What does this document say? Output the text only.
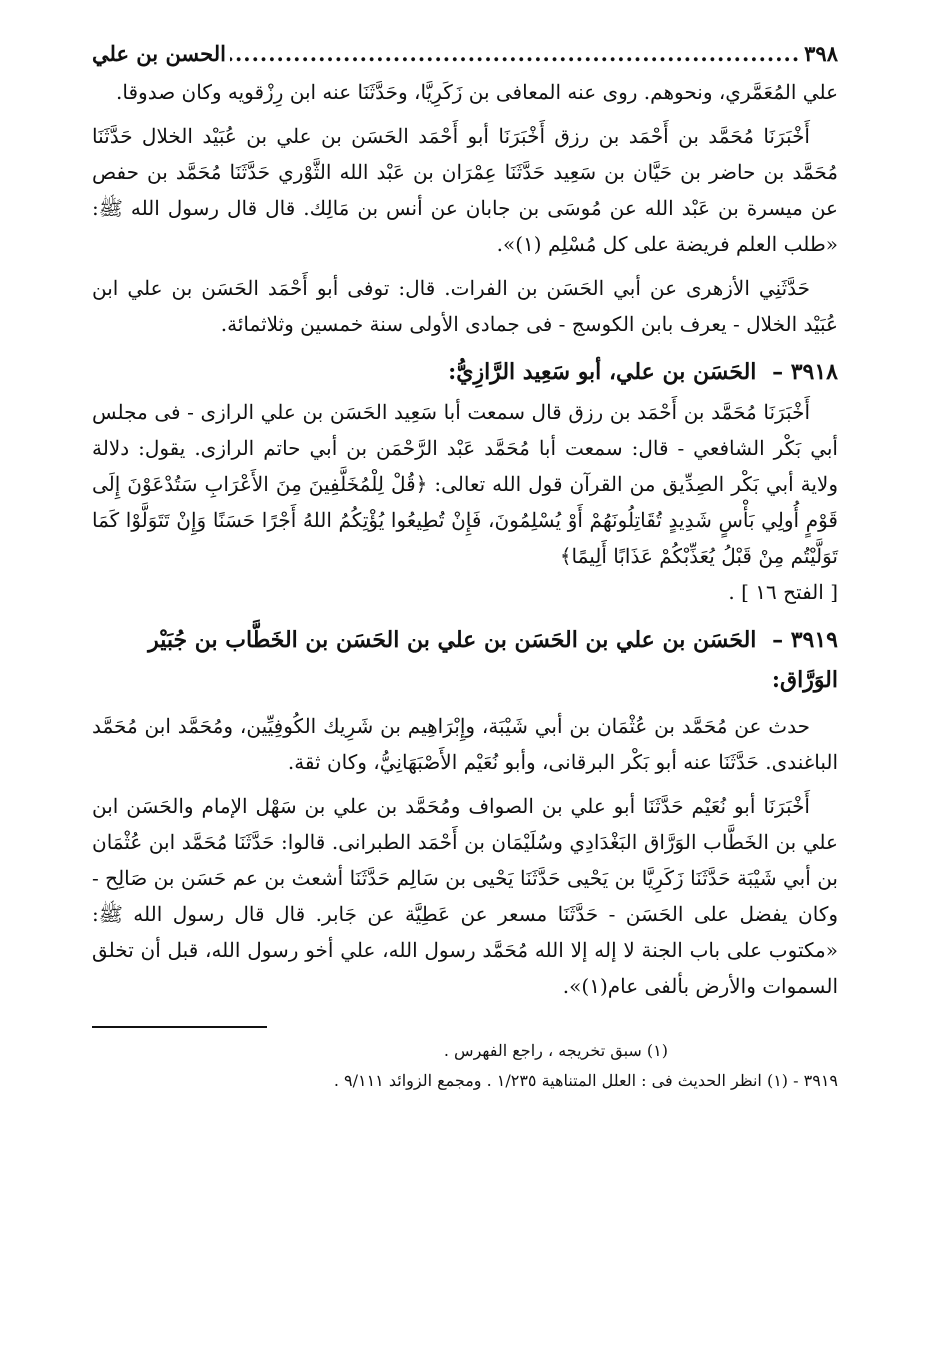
٣٩٨
.....
الحسن بن علي

علي المُعَمَّري، ونحوهم. روى عنه المعافى بن زَكَرِيَّا، وحَدَّثَنَا عنه ابن رِزْقويه وكان صدوقا.

أَخْبَرَنَا مُحَمَّد بن أَحْمَد بن رزق أَخْبَرَنَا أبو أَحْمَد الحَسَن بن علي بن عُبَيْد الخلال حَدَّثَنَا مُحَمَّد بن حاضر بن حَيَّان بن سَعِيد حَدَّثَنَا عِمْرَان بن عَبْد الله الثَّوْري حَدَّثَنَا مُحَمَّد بن حفص عن ميسرة بن عَبْد الله عن مُوسَى بن جابان عن أنس بن مَالِك. قال قال رسول الله ﷺ: «طلب العلم فريضة على كل مُسْلِم (١)».

حَدَّثَنِي الأزهرى عن أبي الحَسَن بن الفرات. قال: توفى أبو أَحْمَد الحَسَن بن علي ابن عُبَيْد الخلال - يعرف بابن الكوسج - فى جمادى الأولى سنة خمسين وثلاثمائة.

٣٩١٨ – الحَسَن بن علي، أبو سَعِيد الرَّازِيُّ:

أَخْبَرَنَا مُحَمَّد بن أَحْمَد بن رزق قال سمعت أبا سَعِيد الحَسَن بن علي الرازى - فى مجلس أبي بَكْر الشافعي - قال: سمعت أبا مُحَمَّد عَبْد الرَّحْمَن بن أبي حاتم الرازى. يقول: دلالة ولاية أبي بَكْر الصِدِّيق من القرآن قول الله تعالى: ﴿قُلْ لِلْمُخَلَّفِينَ مِنَ الأَعْرَابِ سَتُدْعَوْنَ إِلَى قَوْمٍ أُولِي بَأْسٍ شَدِيدٍ تُقَاتِلُونَهُمْ أَوْ يُسْلِمُونَ، فَإِنْ تُطِيعُوا يُؤْتِكُمُ اللهُ أَجْرًا حَسَنًا وَإِنْ تَتَوَلَّوْا كَمَا تَوَلَّيْتُم مِنْ قَبْلُ يُعَذِّبْكُمْ عَذَابًا أَلِيمًا﴾

[ الفتح ١٦ ] .

٣٩١٩ – الحَسَن بن علي بن الحَسَن بن علي بن الحَسَن بن الخَطَّاب بن جُبَيْر الوَرَّاق:

حدث عن مُحَمَّد بن عُثْمَان بن أبي شَيْبَة، وإِبْرَاهِيم بن شَرِيك الكُوفِيِّين، ومُحَمَّد ابن مُحَمَّد الباغندى. حَدَّثَنَا عنه أبو بَكْر البرقانى، وأبو نُعَيْم الأَصْبَهَانِيُّ، وكان ثقة.

أَخْبَرَنَا أبو نُعَيْم حَدَّثَنَا أبو علي بن الصواف ومُحَمَّد بن علي بن سَهْل الإمام والحَسَن ابن علي بن الخَطَّاب الوَرَّاق البَغْدَادِي وسُلَيْمَان بن أَحْمَد الطبرانى. قالوا: حَدَّثَنَا مُحَمَّد ابن عُثْمَان بن أبي شَيْبَة حَدَّثَنَا زَكَرِيَّا بن يَحْيى حَدَّثَنَا يَحْيى بن سَالِم حَدَّثَنَا أشعث بن عم حَسَن بن صَالِح - وكان يفضل على الحَسَن - حَدَّثَنَا مسعر عن عَطِيَّة عن جَابر. قال قال رسول الله ﷺ: «مكتوب على باب الجنة لا إله إلا الله مُحَمَّد رسول الله، علي أخو رسول الله، قبل أن تخلق السموات والأرض بألفى عام(١)».

(١) سبق تخريجه ، راجع الفهرس .

٣٩١٩ - (١) انظر الحديث فى : العلل المتناهية ١/٢٣٥ . ومجمع الزوائد ٩/١١١ .
